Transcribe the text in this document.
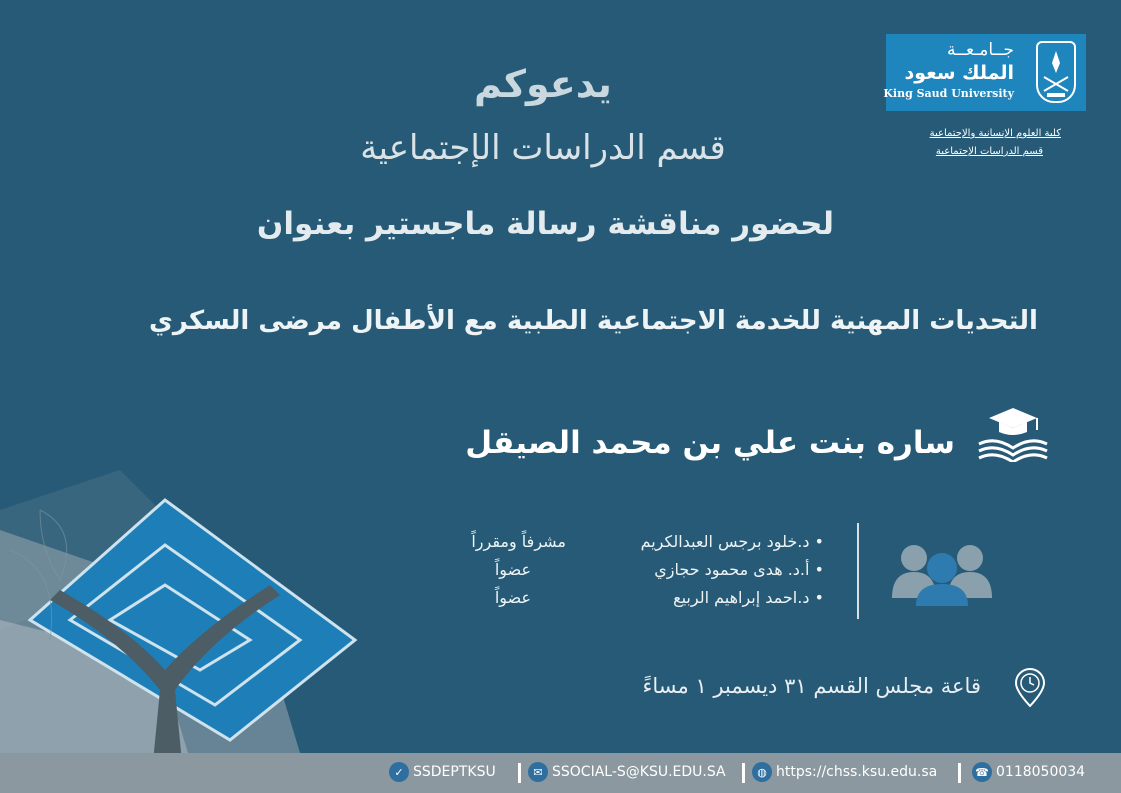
جــامـعــة
الملك سعود
King Saud University
كلية العلوم الإنسانية والإجتماعية
قسم الدراسات الإجتماعية
يدعوكم
قسم الدراسات الإجتماعية
لحضور مناقشة رسالة ماجستير بعنوان
التحديات المهنية للخدمة الاجتماعية الطبية مع الأطفال مرضى السكري
ساره بنت علي بن محمد الصيقل
• د.خلود برجس العبدالكريم
مشرفاً ومقرراً
• أ.د. هدى محمود حجازي
عضواً
• د.احمد إبراهيم الربيع
عضواً
قاعة مجلس القسم ٣١ ديسمبر ١ مساءً
✓ SSDEPTKSU	✉ SSOCIAL-S@KSU.EDU.SA	◍ https://chss.ksu.edu.sa	☎ 0118050034
